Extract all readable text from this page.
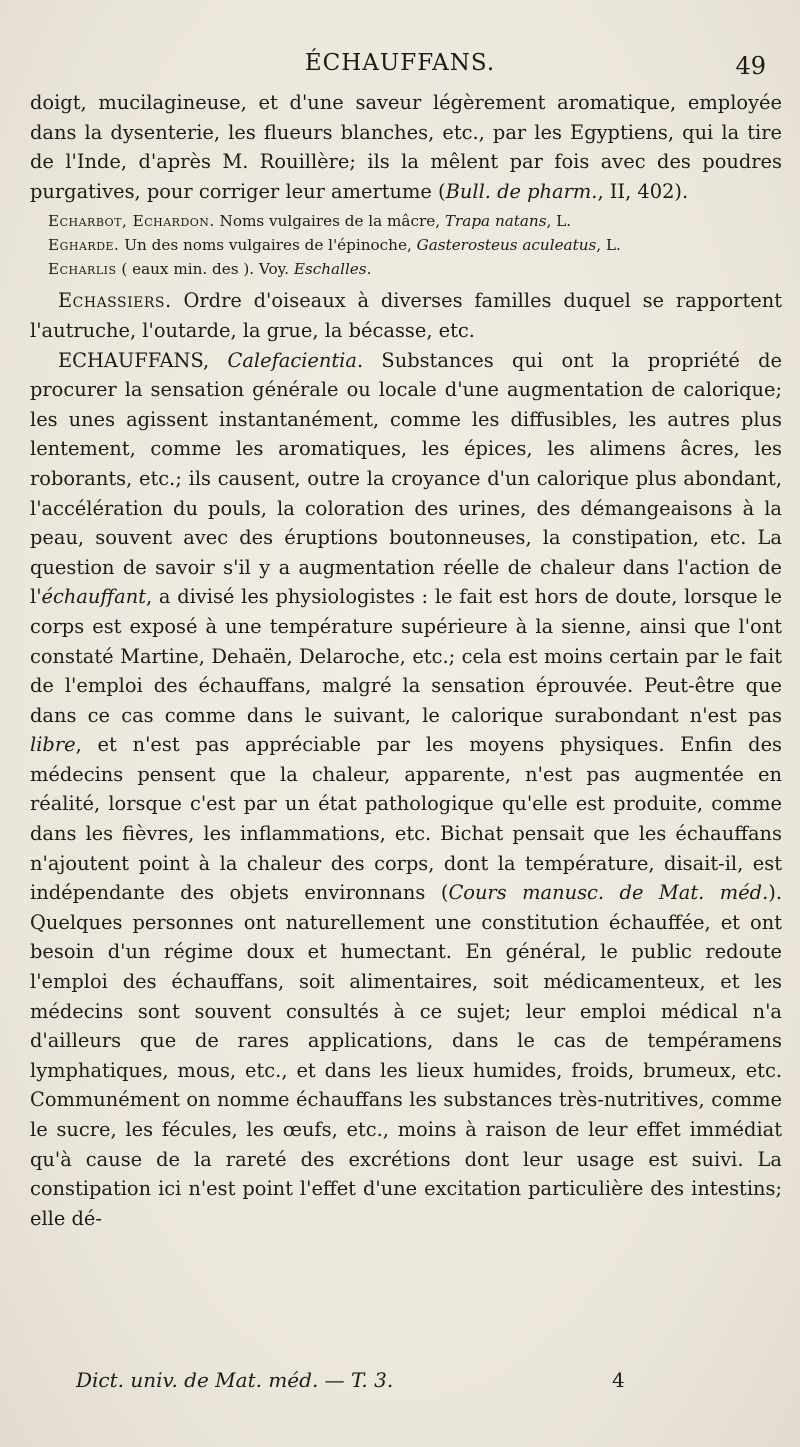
ÉCHAUFFANS.	49

doigt, mucilagineuse, et d'une saveur légèrement aromatique, employée dans la dysenterie, les flueurs blanches, etc., par les Egyptiens, qui la tire de l'Inde, d'après M. Rouillère; ils la mêlent par fois avec des poudres purgatives, pour corriger leur amertume (Bull. de pharm., II, 402).

Echarbot, Echardon. Noms vulgaires de la mâcre, Trapa natans, L.

Egharde. Un des noms vulgaires de l'épinoche, Gasterosteus aculeatus, L.

Echarlis ( eaux min. des ). Voy. Eschalles.

Echassiers. Ordre d'oiseaux à diverses familles duquel se rapportent l'autruche, l'outarde, la grue, la bécasse, etc.

ECHAUFFANS, Calefacientia. Substances qui ont la propriété de procurer la sensation générale ou locale d'une augmentation de calorique; les unes agissent instantanément, comme les diffusibles, les autres plus lentement, comme les aromatiques, les épices, les alimens âcres, les roborants, etc.; ils causent, outre la croyance d'un calorique plus abondant, l'accélération du pouls, la coloration des urines, des démangeaisons à la peau, souvent avec des éruptions boutonneuses, la constipation, etc. La question de savoir s'il y a augmentation réelle de chaleur dans l'action de l'échauffant, a divisé les physiologistes : le fait est hors de doute, lorsque le corps est exposé à une température supérieure à la sienne, ainsi que l'ont constaté Martine, Dehaën, Delaroche, etc.; cela est moins certain par le fait de l'emploi des échauffans, malgré la sensation éprouvée. Peut-être que dans ce cas comme dans le suivant, le calorique surabondant n'est pas libre, et n'est pas appréciable par les moyens physiques. Enfin des médecins pensent que la chaleur, apparente, n'est pas augmentée en réalité, lorsque c'est par un état pathologique qu'elle est produite, comme dans les fièvres, les inflammations, etc. Bichat pensait que les échauffans n'ajoutent point à la chaleur des corps, dont la température, disait-il, est indépendante des objets environnans (Cours manusc. de Mat. méd.). Quelques personnes ont naturellement une constitution échauffée, et ont besoin d'un régime doux et humectant. En général, le public redoute l'emploi des échauffans, soit alimentaires, soit médicamenteux, et les médecins sont souvent consultés à ce sujet; leur emploi médical n'a d'ailleurs que de rares applications, dans le cas de tempéramens lymphatiques, mous, etc., et dans les lieux humides, froids, brumeux, etc. Communément on nomme échauffans les substances très-nutritives, comme le sucre, les fécules, les œufs, etc., moins à raison de leur effet immédiat qu'à cause de la rareté des excrétions dont leur usage est suivi. La constipation ici n'est point l'effet d'une excitation particulière des intestins; elle dé-

Dict. univ. de Mat. méd. — T. 3.	4
